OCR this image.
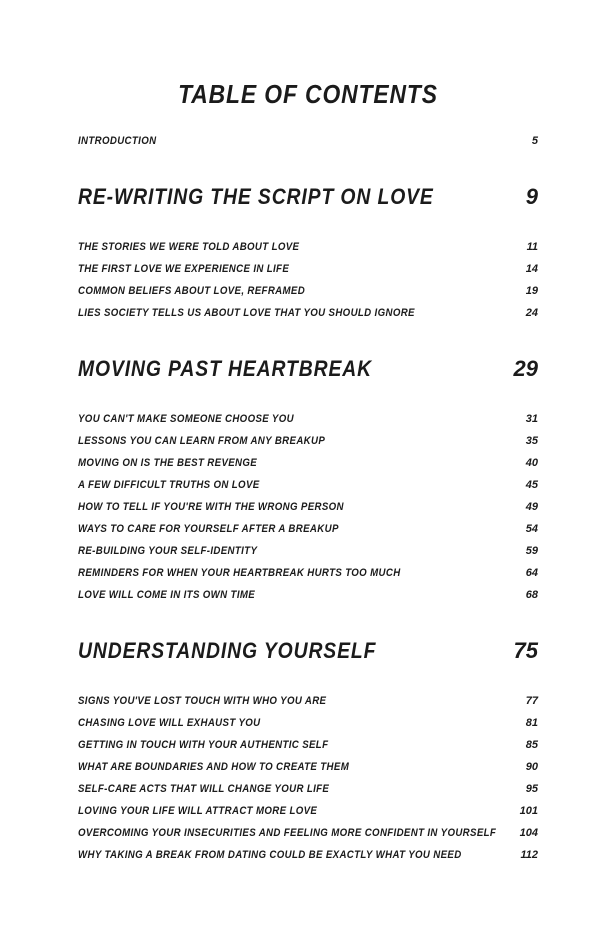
TABLE OF CONTENTS
INTRODUCTION	5
RE-WRITING THE SCRIPT ON LOVE	9
THE STORIES WE WERE TOLD ABOUT LOVE	11
THE FIRST LOVE WE EXPERIENCE IN LIFE	14
COMMON BELIEFS ABOUT LOVE, REFRAMED	19
LIES SOCIETY TELLS US ABOUT LOVE THAT YOU SHOULD IGNORE	24
MOVING PAST HEARTBREAK	29
YOU CAN'T MAKE SOMEONE CHOOSE YOU	31
LESSONS YOU CAN LEARN FROM ANY BREAKUP	35
MOVING ON IS THE BEST REVENGE	40
A FEW DIFFICULT TRUTHS ON LOVE	45
HOW TO TELL IF YOU'RE WITH THE WRONG PERSON	49
WAYS TO CARE FOR YOURSELF AFTER A BREAKUP	54
RE-BUILDING YOUR SELF-IDENTITY	59
REMINDERS FOR WHEN YOUR HEARTBREAK HURTS TOO MUCH	64
LOVE WILL COME IN ITS OWN TIME	68
UNDERSTANDING YOURSELF	75
SIGNS YOU'VE LOST TOUCH WITH WHO YOU ARE	77
CHASING LOVE WILL EXHAUST YOU	81
GETTING IN TOUCH WITH YOUR AUTHENTIC SELF	85
WHAT ARE BOUNDARIES AND HOW TO CREATE THEM	90
SELF-CARE ACTS THAT WILL CHANGE YOUR LIFE	95
LOVING YOUR LIFE WILL ATTRACT MORE LOVE	101
OVERCOMING YOUR INSECURITIES AND FEELING MORE CONFIDENT IN YOURSELF 104
WHY TAKING A BREAK FROM DATING COULD BE EXACTLY WHAT YOU NEED	112
